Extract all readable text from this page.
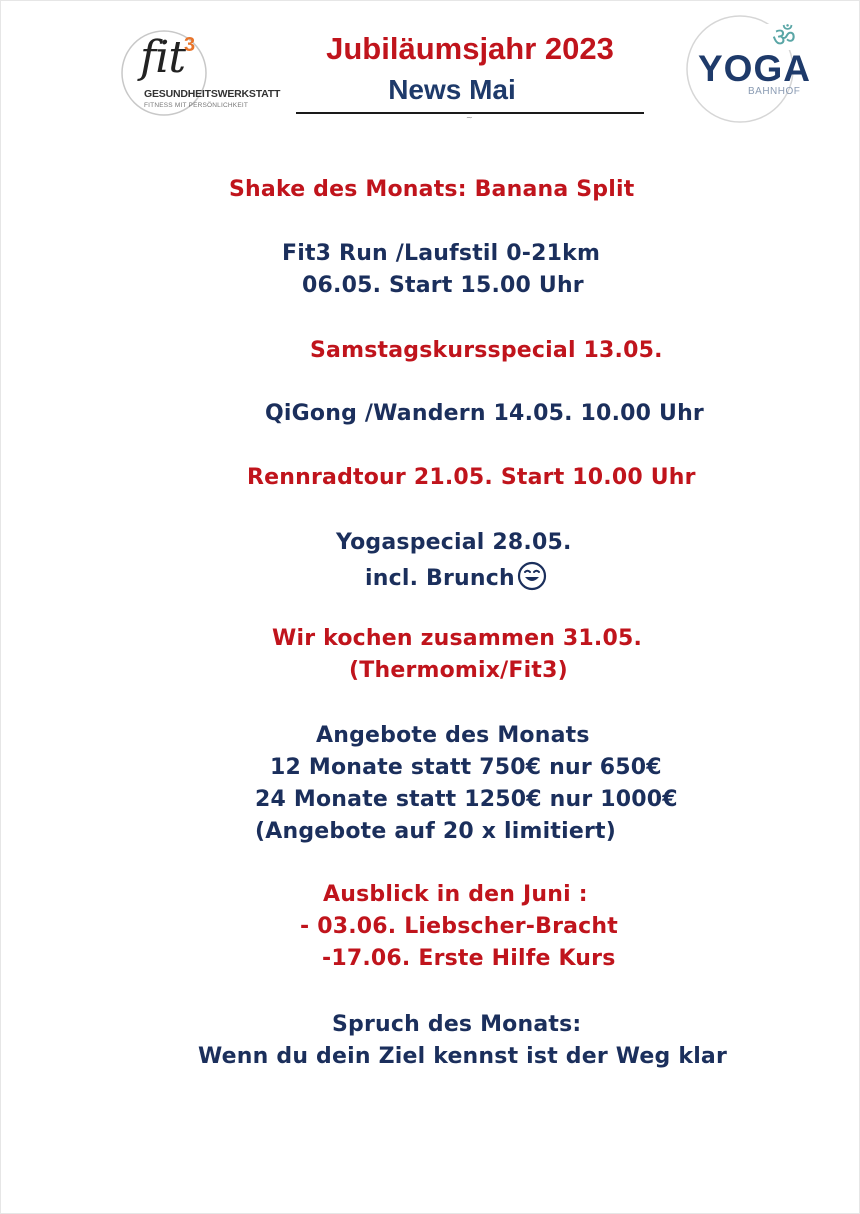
fit
3
GESUNDHEITSWERKSTATT
FITNESS MIT PERSÖNLICHKEIT
Jubiläumsjahr 2023
News Mai
~
ॐ
YOGA
BAHNHOF
Shake des Monats: Banana Split
Fit3 Run /Laufstil 0-21km
06.05. Start 15.00 Uhr
Samstagskursspecial 13.05.
QiGong /Wandern 14.05. 10.00 Uhr
Rennradtour 21.05. Start 10.00 Uhr
Yogaspecial 28.05.
incl. Brunch
Wir kochen zusammen 31.05.
(Thermomix/Fit3)
Angebote des Monats
12 Monate statt 750€ nur 650€
24 Monate statt 1250€ nur 1000€
(Angebote auf 20 x limitiert)
Ausblick in den Juni :
- 03.06. Liebscher-Bracht
-17.06. Erste Hilfe Kurs
Spruch des Monats:
Wenn du dein Ziel kennst ist der Weg klar
